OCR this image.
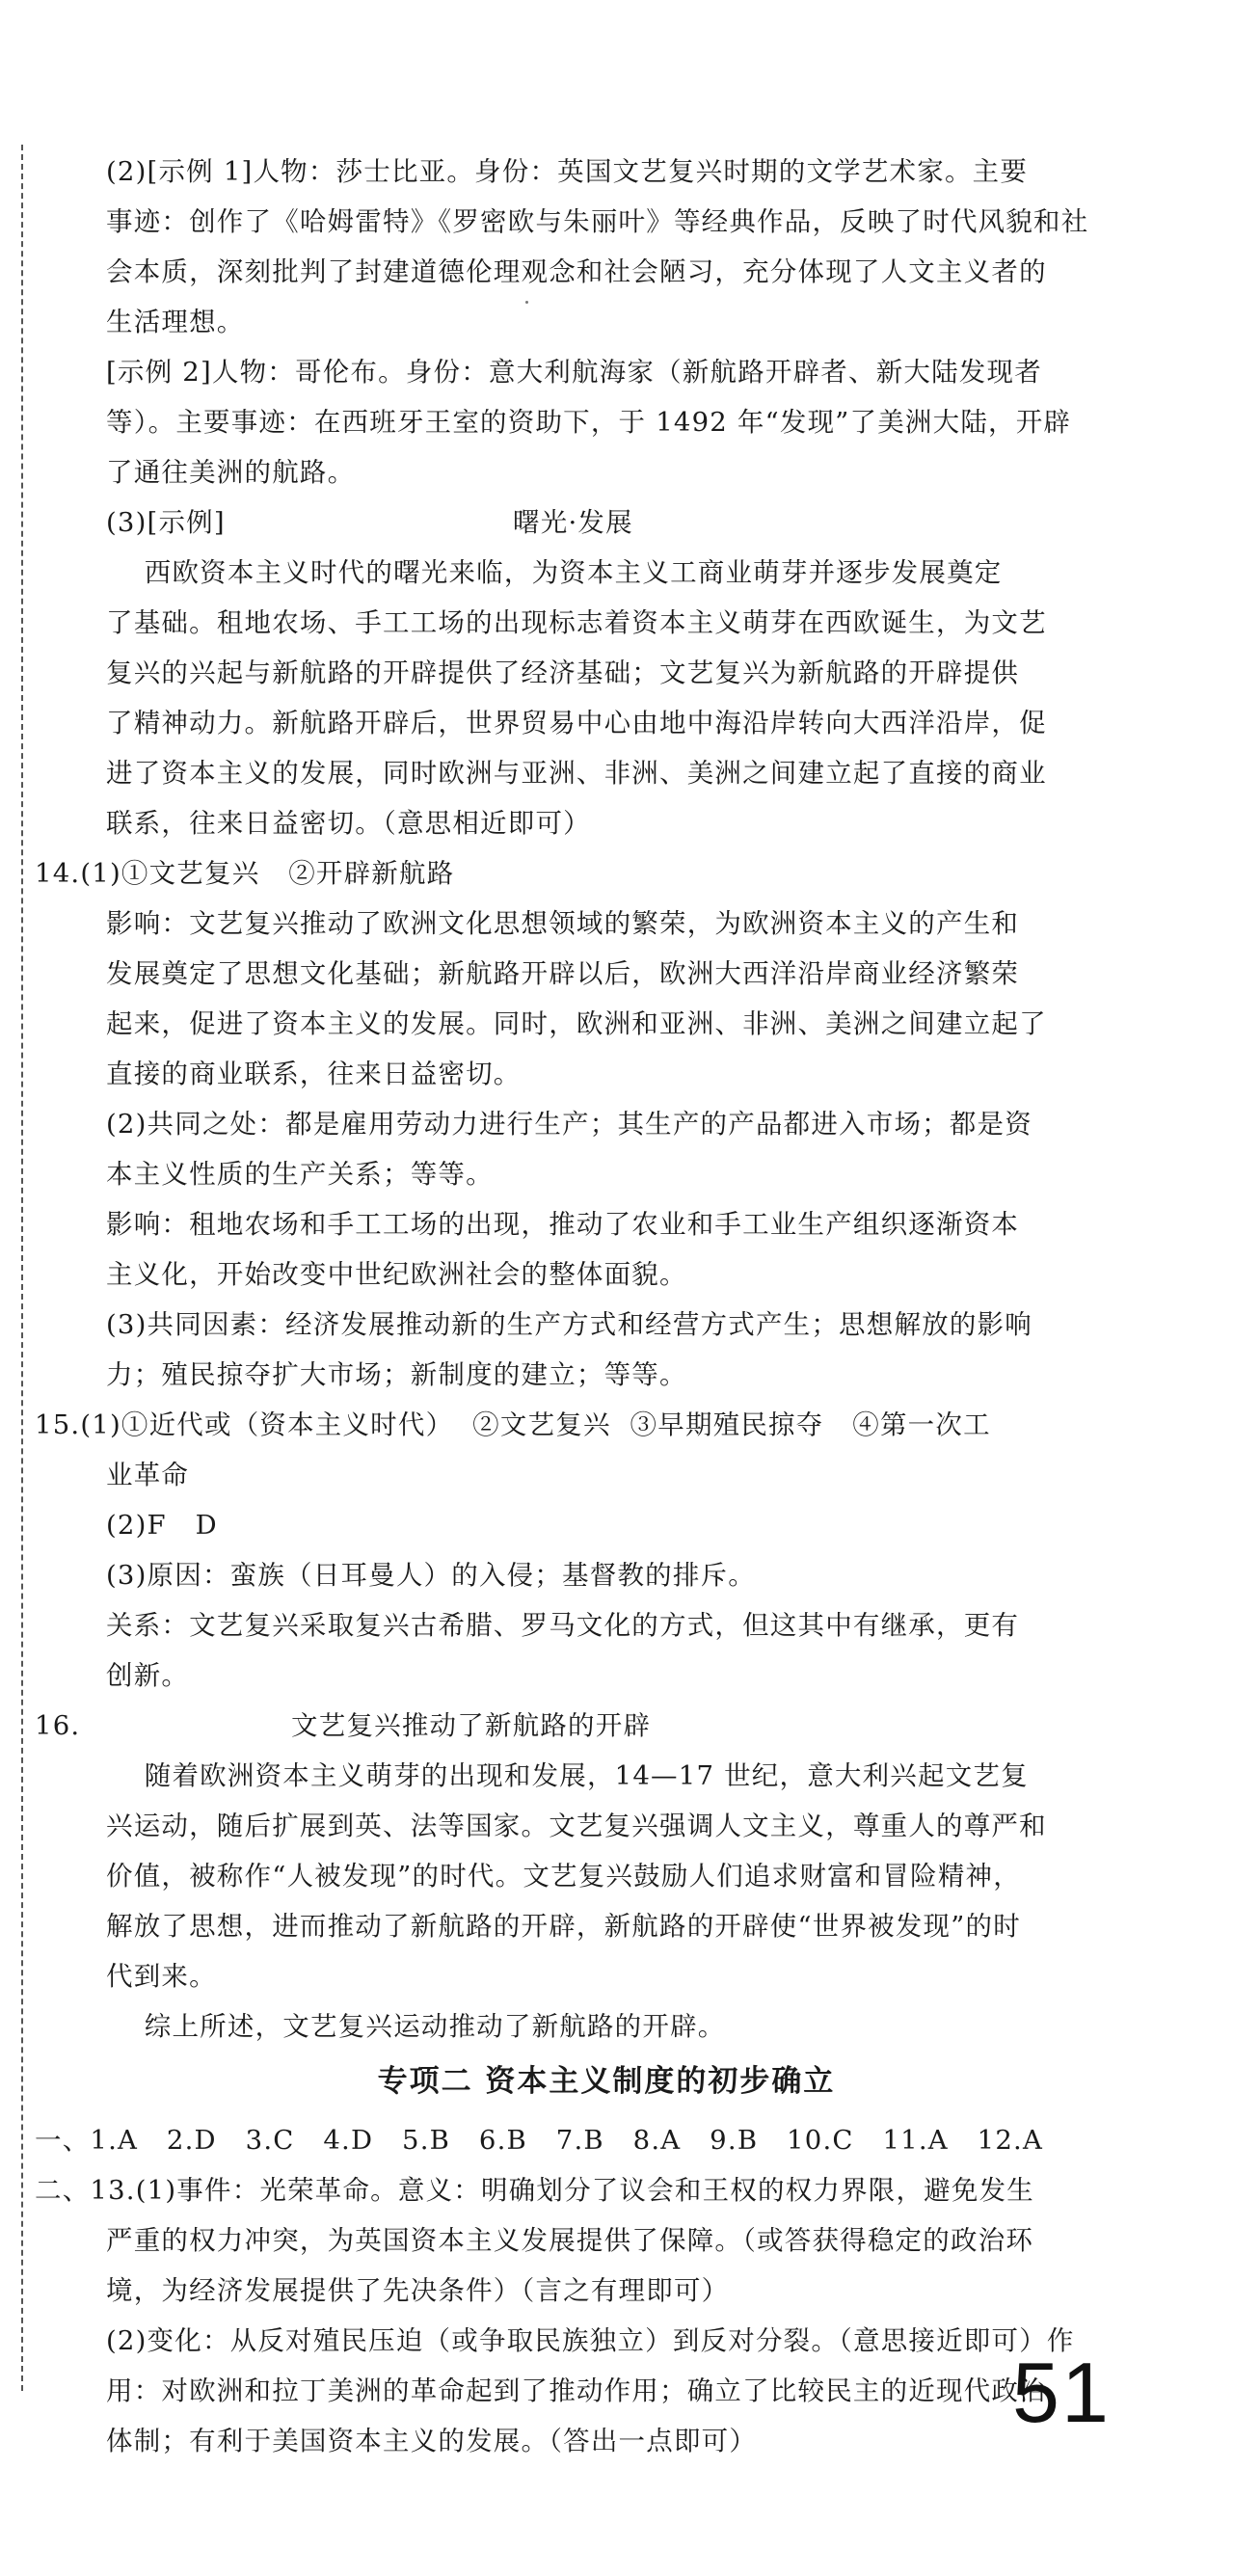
(2)[示例 1]人物：莎士比亚。身份：英国文艺复兴时期的文学艺术家。主要
事迹：创作了《哈姆雷特》《罗密欧与朱丽叶》等经典作品，反映了时代风貌和社
会本质，深刻批判了封建道德伦理观念和社会陋习，充分体现了人文主义者的
生活理想。
[示例 2]人物：哥伦布。身份：意大利航海家（新航路开辟者、新大陆发现者
等）。主要事迹：在西班牙王室的资助下，于 1492 年“发现”了美洲大陆，开辟
了通往美洲的航路。
(3)[示例]                              曙光·发展
西欧资本主义时代的曙光来临，为资本主义工商业萌芽并逐步发展奠定
了基础。租地农场、手工工场的出现标志着资本主义萌芽在西欧诞生，为文艺
复兴的兴起与新航路的开辟提供了经济基础；文艺复兴为新航路的开辟提供
了精神动力。新航路开辟后，世界贸易中心由地中海沿岸转向大西洋沿岸，促
进了资本主义的发展，同时欧洲与亚洲、非洲、美洲之间建立起了直接的商业
联系，往来日益密切。（意思相近即可）
14.(1)①文艺复兴   ②开辟新航路
影响：文艺复兴推动了欧洲文化思想领域的繁荣，为欧洲资本主义的产生和
发展奠定了思想文化基础；新航路开辟以后，欧洲大西洋沿岸商业经济繁荣
起来，促进了资本主义的发展。同时，欧洲和亚洲、非洲、美洲之间建立起了
直接的商业联系，往来日益密切。
(2)共同之处：都是雇用劳动力进行生产；其生产的产品都进入市场；都是资
本主义性质的生产关系；等等。
影响：租地农场和手工工场的出现，推动了农业和手工业生产组织逐渐资本
主义化，开始改变中世纪欧洲社会的整体面貌。
(3)共同因素：经济发展推动新的生产方式和经营方式产生；思想解放的影响
力；殖民掠夺扩大市场；新制度的建立；等等。
15.(1)①近代或（资本主义时代）  ②文艺复兴  ③早期殖民掠夺   ④第一次工
业革命
(2)F   D
(3)原因：蛮族（日耳曼人）的入侵；基督教的排斥。
关系：文艺复兴采取复兴古希腊、罗马文化的方式，但这其中有继承，更有
创新。
16.                      文艺复兴推动了新航路的开辟
随着欧洲资本主义萌芽的出现和发展，14—17 世纪，意大利兴起文艺复
兴运动，随后扩展到英、法等国家。文艺复兴强调人文主义，尊重人的尊严和
价值，被称作“人被发现”的时代。文艺复兴鼓励人们追求财富和冒险精神，
解放了思想，进而推动了新航路的开辟，新航路的开辟使“世界被发现”的时
代到来。
综上所述，文艺复兴运动推动了新航路的开辟。
专项二 资本主义制度的初步确立
一、1.A   2.D   3.C   4.D   5.B   6.B   7.B   8.A   9.B   10.C   11.A   12.A
二、13.(1)事件：光荣革命。意义：明确划分了议会和王权的权力界限，避免发生
严重的权力冲突，为英国资本主义发展提供了保障。（或答获得稳定的政治环
境，为经济发展提供了先决条件）（言之有理即可）
(2)变化：从反对殖民压迫（或争取民族独立）到反对分裂。（意思接近即可）作
用：对欧洲和拉丁美洲的革命起到了推动作用；确立了比较民主的近现代政治
体制；有利于美国资本主义的发展。（答出一点即可）
51
